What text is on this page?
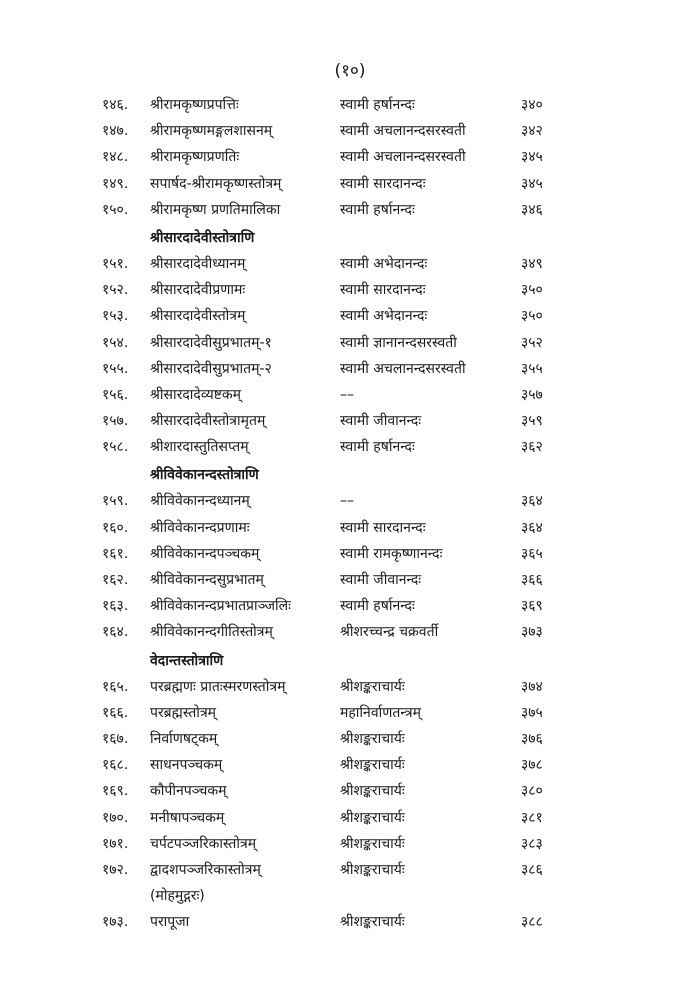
(१०)
१४६. श्रीरामकृष्णप्रपत्तिः	स्वामी हर्षानन्दः	३४०
१४७. श्रीरामकृष्णमङ्गलशासनम्	स्वामी अचलानन्दसरस्वती	३४२
१४८. श्रीरामकृष्णप्रणतिः	स्वामी अचलानन्दसरस्वती	३४५
१४९. सपार्षद-श्रीरामकृष्णस्तोत्रम्	स्वामी सारदानन्दः	३४५
१५०. श्रीरामकृष्ण प्रणतिमालिका	स्वामी हर्षानन्दः	३४६
श्रीसारदादेवीस्तोत्राणि
१५१. श्रीसारदादेवीध्यानम्	स्वामी अभेदानन्दः	३४९
१५२. श्रीसारदादेवीप्रणामः	स्वामी सारदानन्दः	३५०
१५३. श्रीसारदादेवीस्तोत्रम्	स्वामी अभेदानन्दः	३५०
१५४. श्रीसारदादेवीसुप्रभातम्-१	स्वामी ज्ञानानन्दसरस्वती	३५२
१५५. श्रीसारदादेवीसुप्रभातम्-२	स्वामी अचलानन्दसरस्वती	३५५
१५६. श्रीसारदादेव्यष्टकम्	––	३५७
१५७. श्रीसारदादेवीस्तोत्रामृतम्	स्वामी जीवानन्दः	३५९
१५८. श्रीशारदास्तुतिसप्तम्	स्वामी हर्षानन्दः	३६२
श्रीविवेकानन्दस्तोत्राणि
१५९. श्रीविवेकानन्दध्यानम्	––	३६४
१६०. श्रीविवेकानन्दप्रणामः	स्वामी सारदानन्दः	३६४
१६१. श्रीविवेकानन्दपञ्चकम्	स्वामी रामकृष्णानन्दः	३६५
१६२. श्रीविवेकानन्दसुप्रभातम्	स्वामी जीवानन्दः	३६६
१६३. श्रीविवेकानन्दप्रभातप्राञ्जलिः	स्वामी हर्षानन्दः	३६९
१६४. श्रीविवेकानन्दगीतिस्तोत्रम्	श्रीशरच्चन्द्र चक्रवर्ती	३७३
वेदान्तस्तोत्राणि
१६५. परब्रह्मणः प्रातःस्मरणस्तोत्रम्	श्रीशङ्कराचार्यः	३७४
१६६. परब्रह्मस्तोत्रम्	महानिर्वाणतन्त्रम्	३७५
१६७. निर्वाणषट्कम्	श्रीशङ्कराचार्यः	३७६
१६८. साधनपञ्चकम्	श्रीशङ्कराचार्यः	३७८
१६९. कौपीनपञ्चकम्	श्रीशङ्कराचार्यः	३८०
१७०. मनीषापञ्चकम्	श्रीशङ्कराचार्यः	३८१
१७१. चर्पटपञ्जरिकास्तोत्रम्	श्रीशङ्कराचार्यः	३८३
१७२. द्वादशपञ्जरिकास्तोत्रम्	श्रीशङ्कराचार्यः	३८६
(मोहमुद्गरः)
१७३. परापूजा	श्रीशङ्कराचार्यः	३८८
